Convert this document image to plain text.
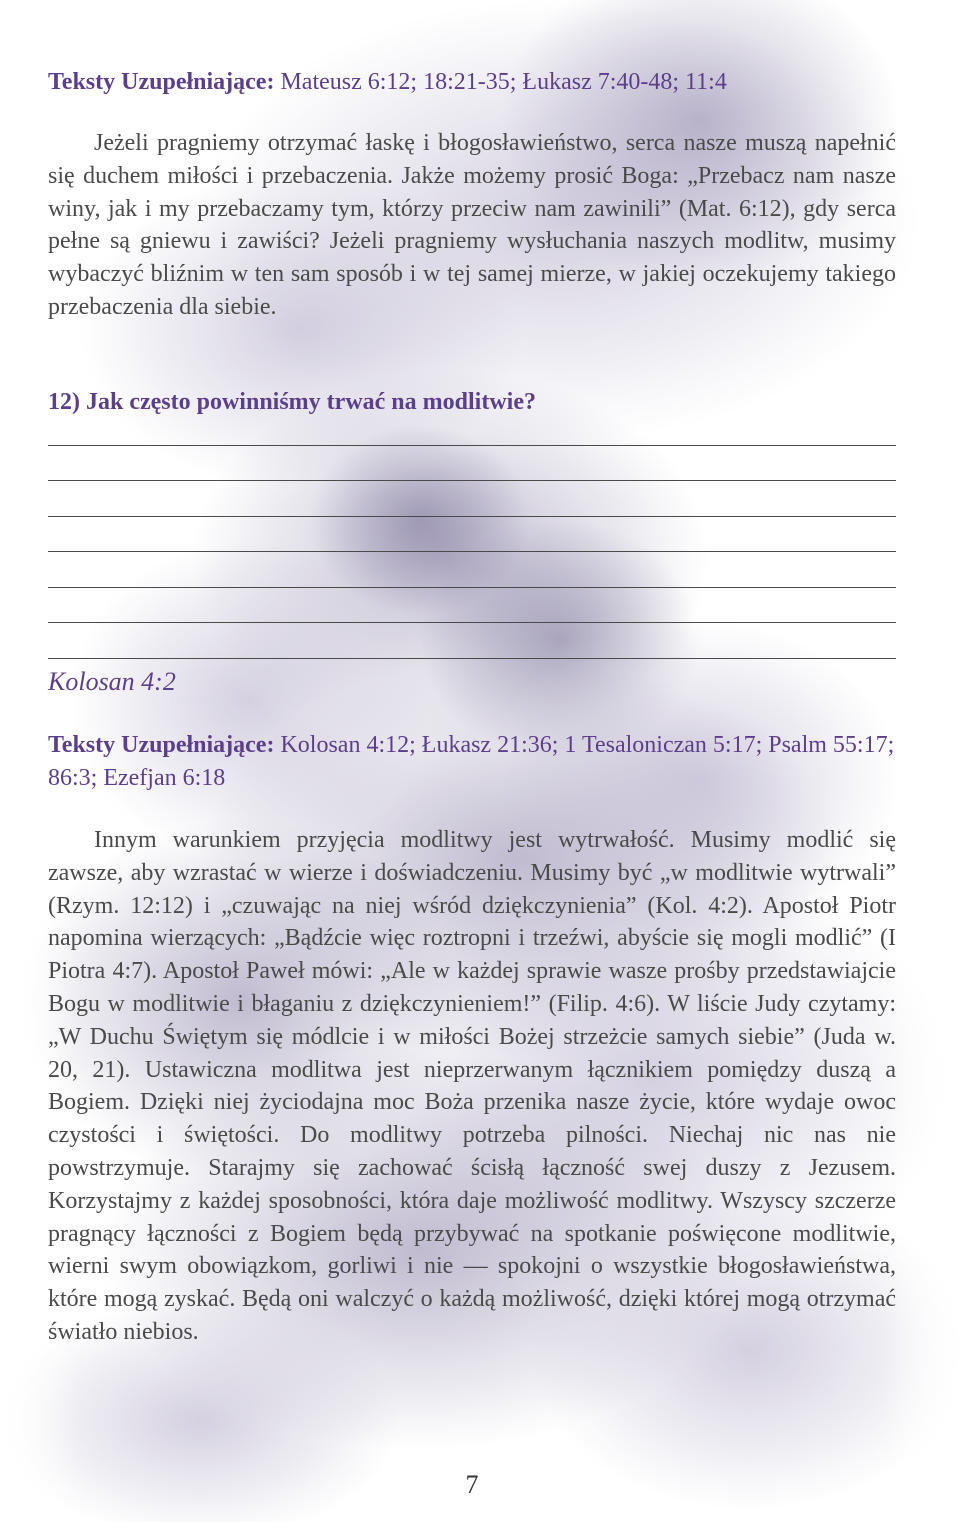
Teksty Uzupełniające: Mateusz 6:12; 18:21-35; Łukasz 7:40-48; 11:4
Jeżeli pragniemy otrzymać łaskę i błogosławieństwo, serca nasze muszą napełnić się duchem miłości i przebaczenia. Jakże możemy prosić Boga: „Przebacz nam nasze winy, jak i my przebaczamy tym, którzy przeciw nam zawinili” (Mat. 6:12), gdy serca pełne są gniewu i zawiści? Jeżeli pragniemy wysłuchania naszych modlitw, musimy wybaczyć bliźnim w ten sam sposób i w tej samej mierze, w jakiej oczekujemy takiego przebaczenia dla siebie.
12) Jak często powinniśmy trwać na modlitwie?
Kolosan 4:2
Teksty Uzupełniające: Kolosan 4:12; Łukasz 21:36; 1 Tesaloniczan 5:17; Psalm 55:17; 86:3; Ezefjan 6:18
Innym warunkiem przyjęcia modlitwy jest wytrwałość. Musimy modlić się zawsze, aby wzrastać w wierze i doświadczeniu. Musimy być „w modlitwie wytrwali” (Rzym. 12:12) i „czuwając na niej wśród dziękczynienia” (Kol. 4:2). Apostoł Piotr napomina wierzących: „Bądźcie więc roztropni i trzeźwi, abyście się mogli modlić” (I Piotra 4:7). Apostoł Paweł mówi: „Ale w każdej sprawie wasze prośby przedstawiajcie Bogu w modlitwie i błaganiu z dziękczynieniem!” (Filip. 4:6). W liście Judy czytamy: „W Duchu Świętym się módlcie i w miłości Bożej strzeżcie samych siebie” (Juda w. 20, 21). Ustawiczna modlitwa jest nieprzerwanym łącznikiem pomiędzy duszą a Bogiem. Dzięki niej życiodajna moc Boża przenika nasze życie, które wydaje owoc czystości i świętości. Do modlitwy potrzeba pilności. Niechaj nic nas nie powstrzymuje. Starajmy się zachować ścisłą łączność swej duszy z Jezusem. Korzystajmy z każdej sposobności, która daje możliwość modlitwy. Wszyscy szczerze pragnący łączności z Bogiem będą przybywać na spotkanie poświęcone modlitwie, wierni swym obowiązkom, gorliwi i nie — spokojni o wszystkie błogosławieństwa, które mogą zyskać. Będą oni walczyć o każdą możliwość, dzięki której mogą otrzymać światło niebios.
7
